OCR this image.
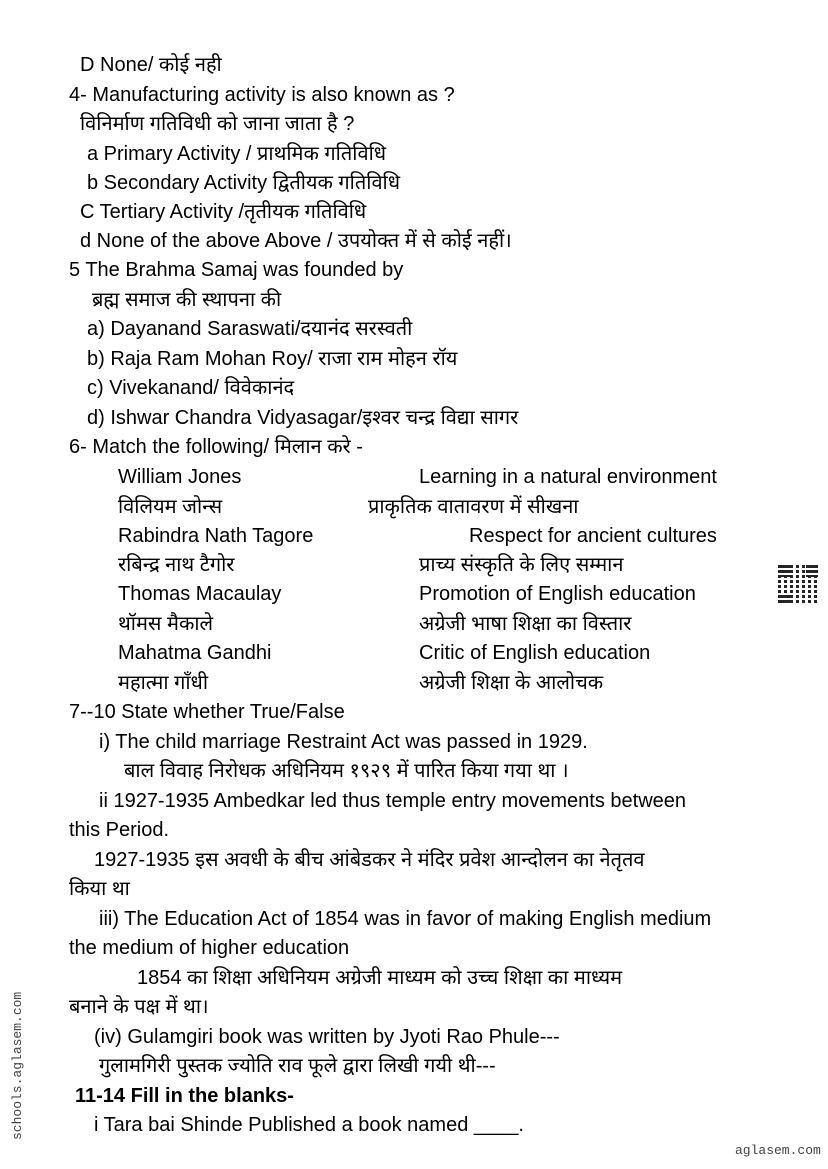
D None/ कोई नही
4- Manufacturing activity is also known as ?
विनिर्माण गतिविधी को जाना जाता है ?
a Primary Activity / प्राथमिक गतिविधि
b Secondary Activity द्वितीयक गतिविधि
C Tertiary Activity /तृतीयक गतिविधि
d None of the above Above / उपयोक्त में से कोई नहीं।
5 The Brahma Samaj was founded by
ब्रह्म समाज की स्थापना की
a) Dayanand Saraswati/दयानंद सरस्वती
b) Raja Ram Mohan Roy/ राजा राम मोहन रॉय
c) Vivekanand/ विवेकानंद
d) Ishwar Chandra Vidyasagar/इश्वर चन्द्र विद्या सागर
6- Match the following/ मिलान करे -
William Jones	Learning in a natural environment
विलियम जोन्स	प्राकृतिक वातावरण में सीखना
Rabindra Nath Tagore	Respect for ancient cultures
रबिन्द्र नाथ टैगोर	प्राच्य संस्कृति के लिए सम्मान
Thomas Macaulay	Promotion of English education
थॉमस मैकाले	अग्रेजी भाषा शिक्षा का विस्तार
Mahatma Gandhi	Critic of English education
महात्मा गाँधी	अग्रेजी शिक्षा के आलोचक
7--10 State whether True/False
i) The child marriage Restraint Act was passed in 1929.
बाल विवाह निरोधक अधिनियम १९२९ में पारित किया गया था ।
ii 1927-1935 Ambedkar led thus temple entry movements between
this Period.
1927-1935 इस अवधी के बीच आंबेडकर ने मंदिर प्रवेश आन्दोलन का नेतृतव
किया था
iii) The Education Act of 1854 was in favor of making English medium
the medium of higher education
1854 का शिक्षा अधिनियम अग्रेजी माध्यम को उच्च शिक्षा का माध्यम
बनाने के पक्ष में था।
(iv) Gulamgiri book was written by Jyoti Rao Phule---
गुलामगिरी पुस्तक ज्योति राव फूले द्वारा लिखी गयी थी---
11-14 Fill in the blanks-
i Tara bai Shinde Published a book named ____.
schools.aglasem.com
aglasem.com
